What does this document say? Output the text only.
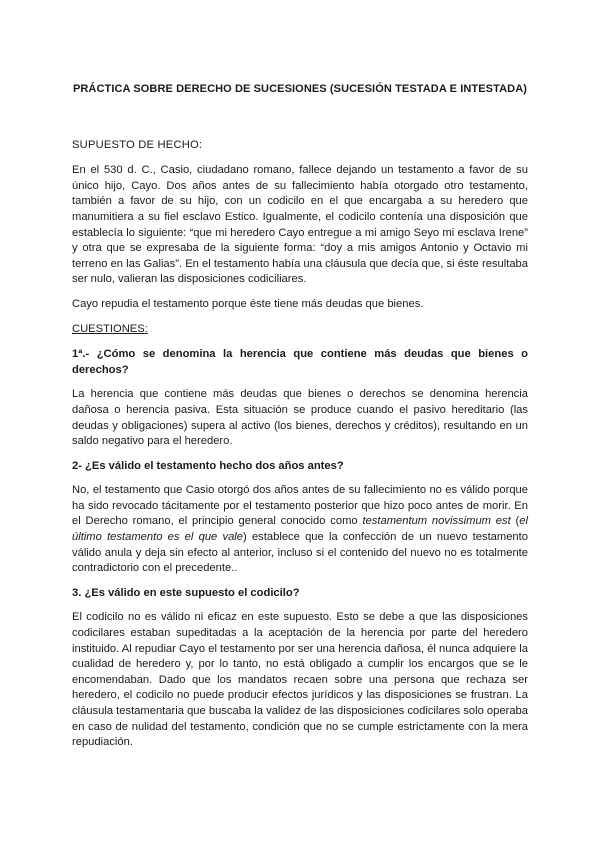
PRÁCTICA SOBRE DERECHO DE SUCESIONES (SUCESIÓN TESTADA E INTESTADA)
SUPUESTO DE HECHO:

En el 530 d. C., Casio, ciudadano romano, fallece dejando un testamento a favor de su único hijo, Cayo. Dos años antes de su fallecimiento había otorgado otro testamento, también a favor de su hijo, con un codicilo en el que encargaba a su heredero que manumitiera a su fiel esclavo Estico. Igualmente, el codicilo contenía una disposición que establecía lo siguiente: “que mi heredero Cayo entregue a mi amigo Seyo mi esclava Irene” y otra que se expresaba de la siguiente forma: “doy a mis amigos Antonio y Octavio mi terreno en las Galias”. En el testamento había una cláusula que decía que, si éste resultaba ser nulo, valieran las disposiciones codiciliares.

Cayo repudia el testamento porque éste tiene más deudas que bienes.

CUESTIONES:
1ª.- ¿Cómo se denomina la herencia que contiene más deudas que bienes o derechos?

La herencia que contiene más deudas que bienes o derechos se denomina herencia dañosa o herencia pasiva. Esta situación se produce cuando el pasivo hereditario (las deudas y obligaciones) supera al activo (los bienes, derechos y créditos), resultando en un saldo negativo para el heredero.

2- ¿Es válido el testamento hecho dos años antes?

No, el testamento que Casio otorgó dos años antes de su fallecimiento no es válido porque ha sido revocado tácitamente por el testamento posterior que hizo poco antes de morir. En el Derecho romano, el principio general conocido como testamentum novissimum est (el último testamento es el que vale) establece que la confección de un nuevo testamento válido anula y deja sin efecto al anterior, incluso si el contenido del nuevo no es totalmente contradictorio con el precedente..

3. ¿Es válido en este supuesto el codicilo?

El codicilo no es válido ni eficaz en este supuesto. Esto se debe a que las disposiciones codicilares estaban supeditadas a la aceptación de la herencia por parte del heredero instituido. Al repudiar Cayo el testamento por ser una herencia dañosa, él nunca adquiere la cualidad de heredero y, por lo tanto, no está obligado a cumplir los encargos que se le encomendaban. Dado que los mandatos recaen sobre una persona que rechaza ser heredero, el codicilo no puede producir efectos jurídicos y las disposiciones se frustran. La cláusula testamentaria que buscaba la validez de las disposiciones codicilares solo operaba en caso de nulidad del testamento, condición que no se cumple estrictamente con la mera repudiación.
